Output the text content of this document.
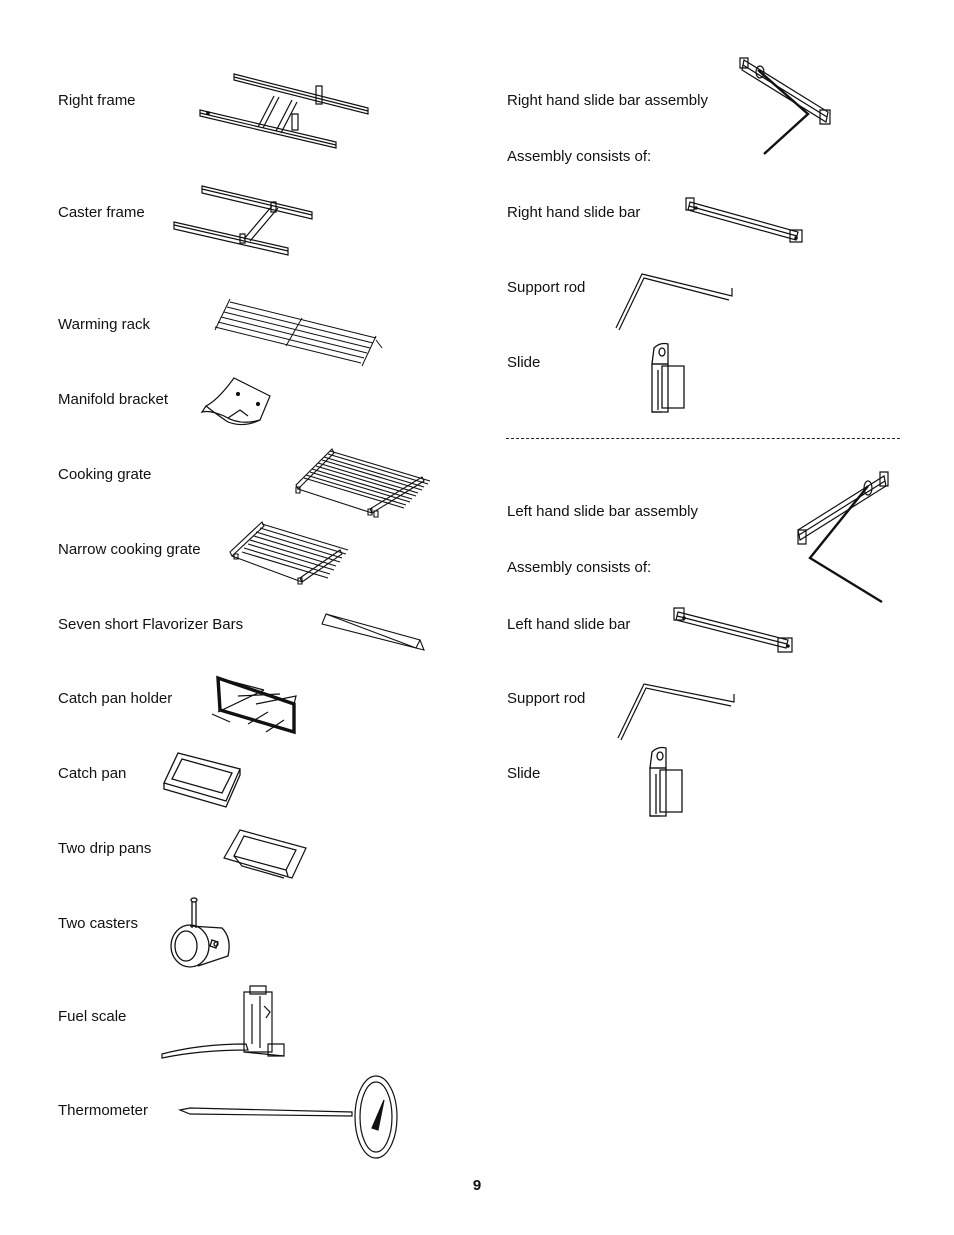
Right frame
Caster frame
Warming rack
Manifold bracket
Cooking grate
Narrow cooking grate
Seven short Flavorizer Bars
Catch pan holder
Catch pan
Two drip pans
Two casters
Fuel scale
Thermometer
Right hand slide bar assembly
Assembly consists of:
Right hand slide bar
Support rod
Slide
Left hand slide bar assembly
Assembly consists of:
Left hand slide bar
Support rod
Slide
9
